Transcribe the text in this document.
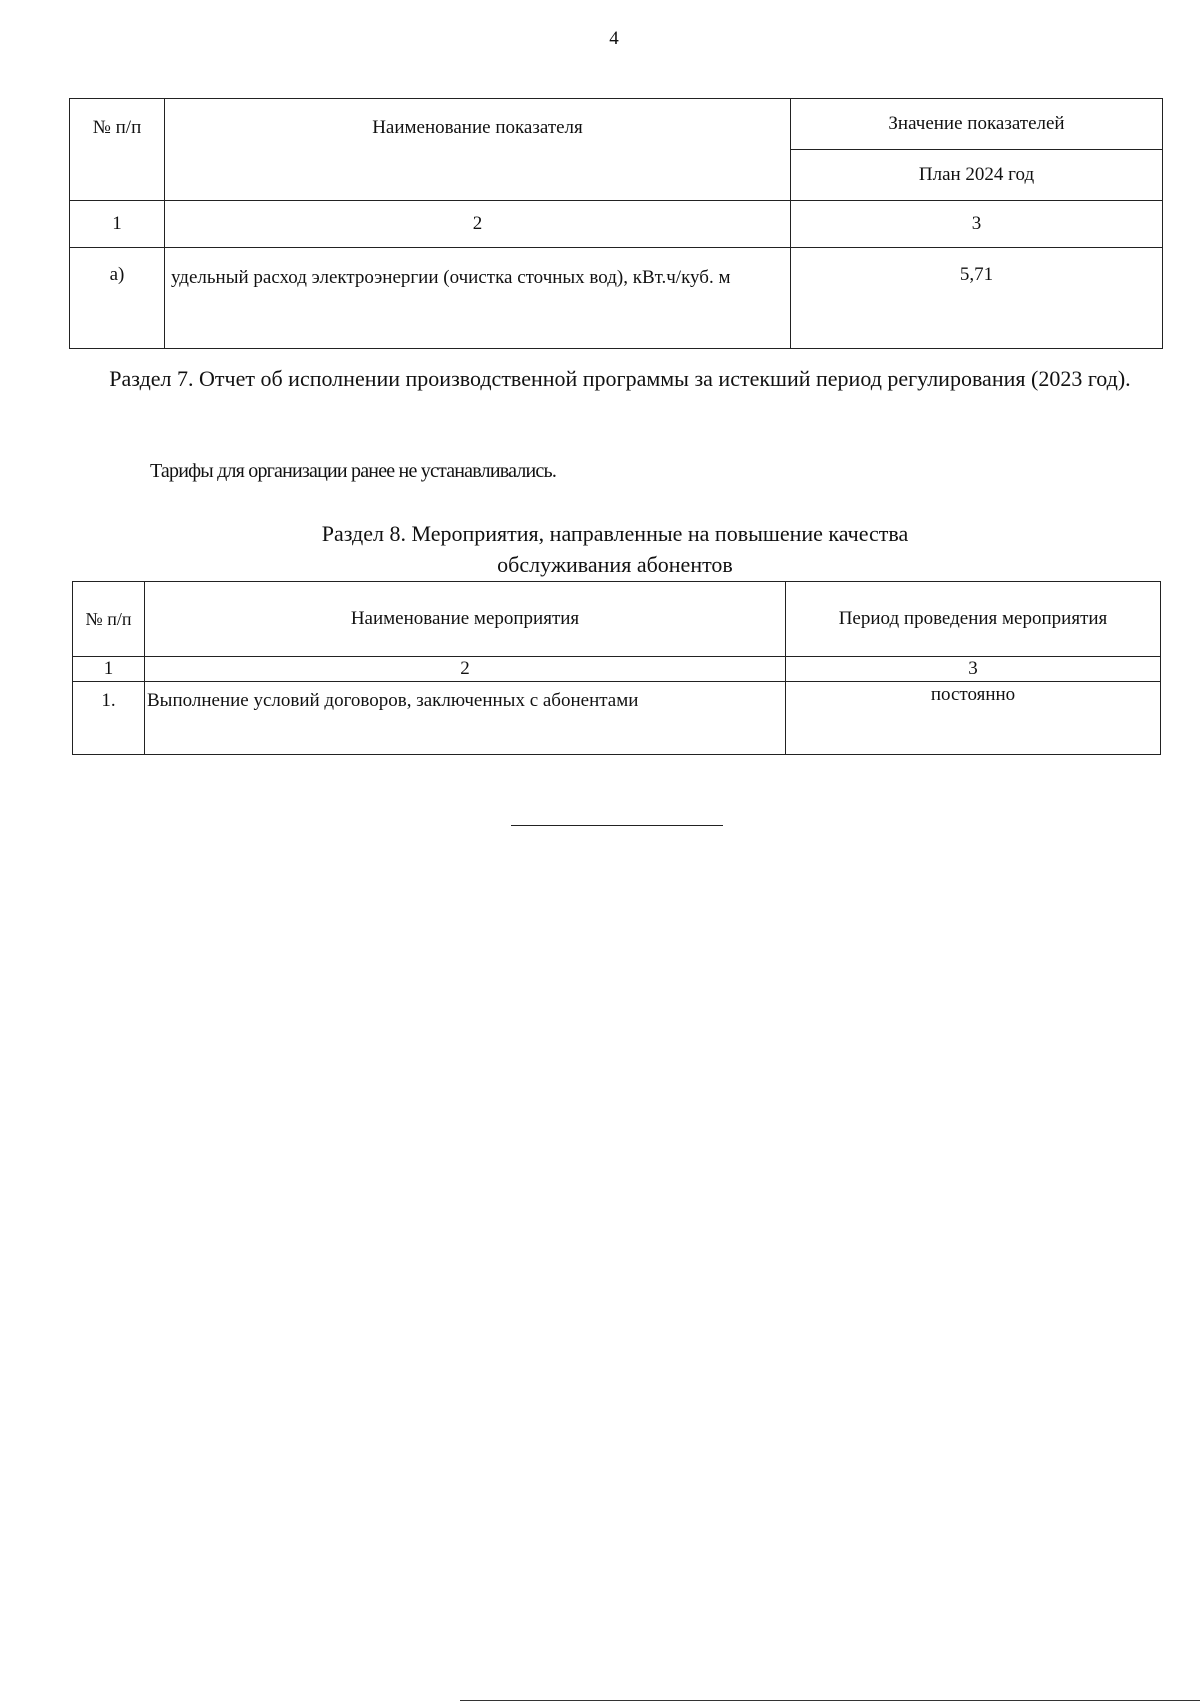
4
№ п/п	Наименование показателя	Значение показателей
		План 2024 год
1	2	3
а)	удельный расход электроэнергии (очистка сточных вод), кВт.ч/куб. м	5,71
Раздел 7. Отчет об исполнении производственной программы за истекший период регулирования (2023 год).
Тарифы для организации ранее не устанавливались.
Раздел 8. Мероприятия, направленные на повышение качества
обслуживания абонентов
№ п/п	Наименование мероприятия	Период проведения мероприятия
1	2	3
1.	Выполнение условий договоров, заключенных с абонентами	постоянно
